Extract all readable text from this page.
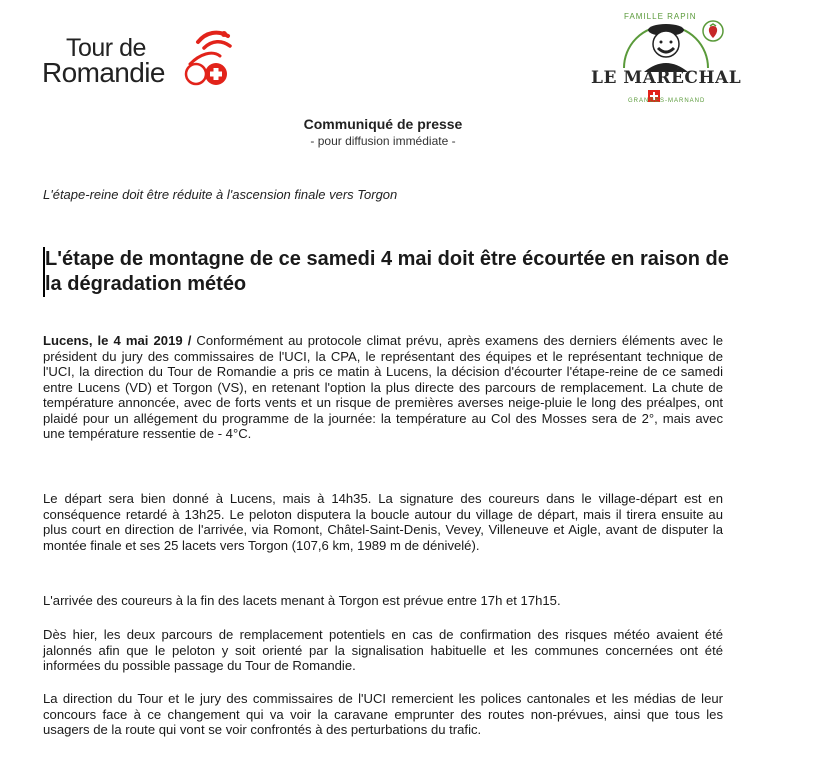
Tour de
Romandie
FAMILLE RAPIN
LE MARÉCHAL
GRANGES-MARNAND
Communiqué de presse
- pour diffusion immédiate -
L'étape-reine doit être réduite à l'ascension finale vers Torgon
L'étape de montagne de ce samedi 4 mai doit être écourtée en raison de la dégradation météo
Lucens, le 4 mai 2019 / Conformément au protocole climat prévu, après examens des derniers éléments avec le président du jury des commissaires de l'UCI, la CPA, le représentant des équipes et le représentant technique de l'UCI, la direction du Tour de Romandie a pris ce matin à Lucens, la décision d'écourter l'étape-reine de ce samedi entre Lucens (VD) et Torgon (VS), en retenant l'option la plus directe des parcours de remplacement. La chute de température annoncée, avec de forts vents et un risque de premières averses neige-pluie le long des préalpes, ont plaidé pour un allégement du programme de la journée: la température au Col des Mosses sera de 2°, mais avec une température ressentie de - 4°C.
Le départ sera bien donné à Lucens, mais à 14h35. La signature des coureurs dans le village-départ est en conséquence retardé à 13h25. Le peloton disputera la boucle autour du village de départ, mais il tirera ensuite au plus court en direction de l'arrivée, via Romont, Châtel-Saint-Denis, Vevey, Villeneuve et Aigle, avant de disputer la montée finale et ses 25 lacets vers Torgon (107,6 km, 1989 m de dénivelé).
L'arrivée des coureurs à la fin des lacets menant à Torgon est prévue entre 17h et 17h15.
Dès hier, les deux parcours de remplacement potentiels en cas de confirmation des risques météo avaient été jalonnés afin que le peloton y soit orienté par la signalisation habituelle et les communes concernées ont été informées du possible passage du Tour de Romandie.
La direction du Tour et le jury des commissaires de l'UCI remercient les polices cantonales et les médias de leur concours face à ce changement qui va voir la caravane emprunter des routes non-prévues, ainsi que tous les usagers de la route qui vont se voir confrontés à des perturbations du trafic.
